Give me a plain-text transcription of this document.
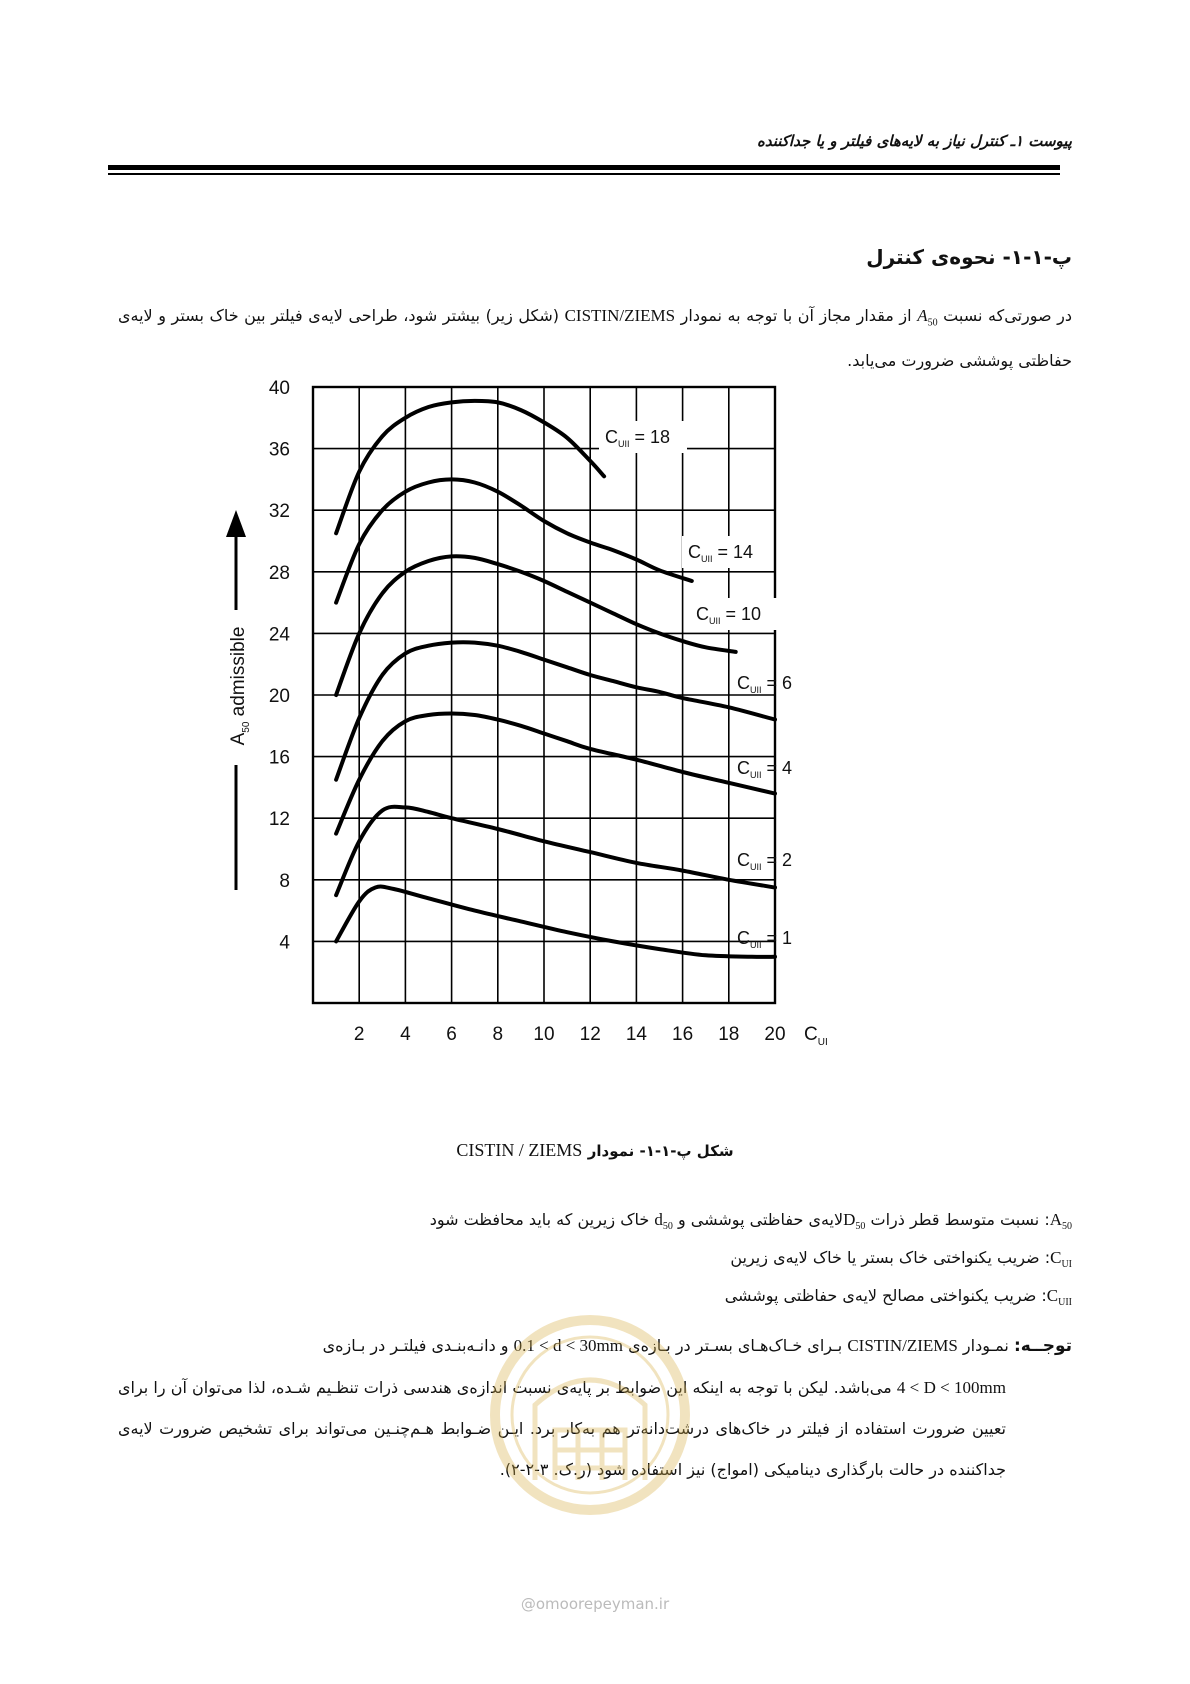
پیوست ۱ـ کنترل نیاز به لایه‌های فیلتر و یا جداکننده
پ-۱-۱- نحوه‌ی کنترل
در صورتی‌که نسبت $A_{50}$ از مقدار مجاز آن با توجه به نمودار CISTIN/ZIEMS (شکل زیر) بیشتر شود، طراحی لایه‌ی فیلتر بین خاک بستر و لایه‌ی حفاظتی پوششی ضرورت می‌یابد.
4
8
12
16
20
24
28
32
36
40
2 4 6 8 10 12 14 16 18 20
$C_{UII} = 18$
$C_{UII} = 14$
$C_{UII} = 10$
$C_{UII} = 6$
$C_{UII} = 4$
$C_{UII} = 2$
$C_{UII} = 1$
$C_{UI}$
$A_{50}$ admissible
شکل پ-۱-۱- نمودار CISTIN / ZIEMS
$A_{50}$: نسبت متوسط قطر ذرات $D_{50}لایه‌ی$ حفاظتی پوششی و $d_{50}$ خاک زیرین که باید محافظت شود
$C_{UI}$: ضریب یکنواختی خاک بستر یا خاک لایه‌ی زیرین
$C_{UII}$: ضریب یکنواختی مصالح لایه‌ی حفاظتی پوششی
توجــه: نمـودار CISTIN/ZIEMS بـرای خـاک‌هـای بسـتر در بـازه‌ی 0.1 < d < 30mm و دانـه‌بنـدی فیلتـر در بـازه‌ی
4 < D < 100mm می‌باشد. لیکن با توجه به اینکه این ضوابط بر پایه‌ی نسبت اندازه‌ی هندسی ذرات تنظـیم شـده، لذا می‌توان آن را برای تعیین ضرورت استفاده از فیلتر در خاک‌های درشت‌دانه‌تر هم به‌کار برد. ایـن ضـوابط هـم‌چنـین می‌تواند برای تشخیص ضرورت لایه‌ی جداکننده در حالت بارگذاری دینامیکی (امواج) نیز استفاده شود (ر.ک. ۳-۲-۲).
@omoorepeyman.ir
